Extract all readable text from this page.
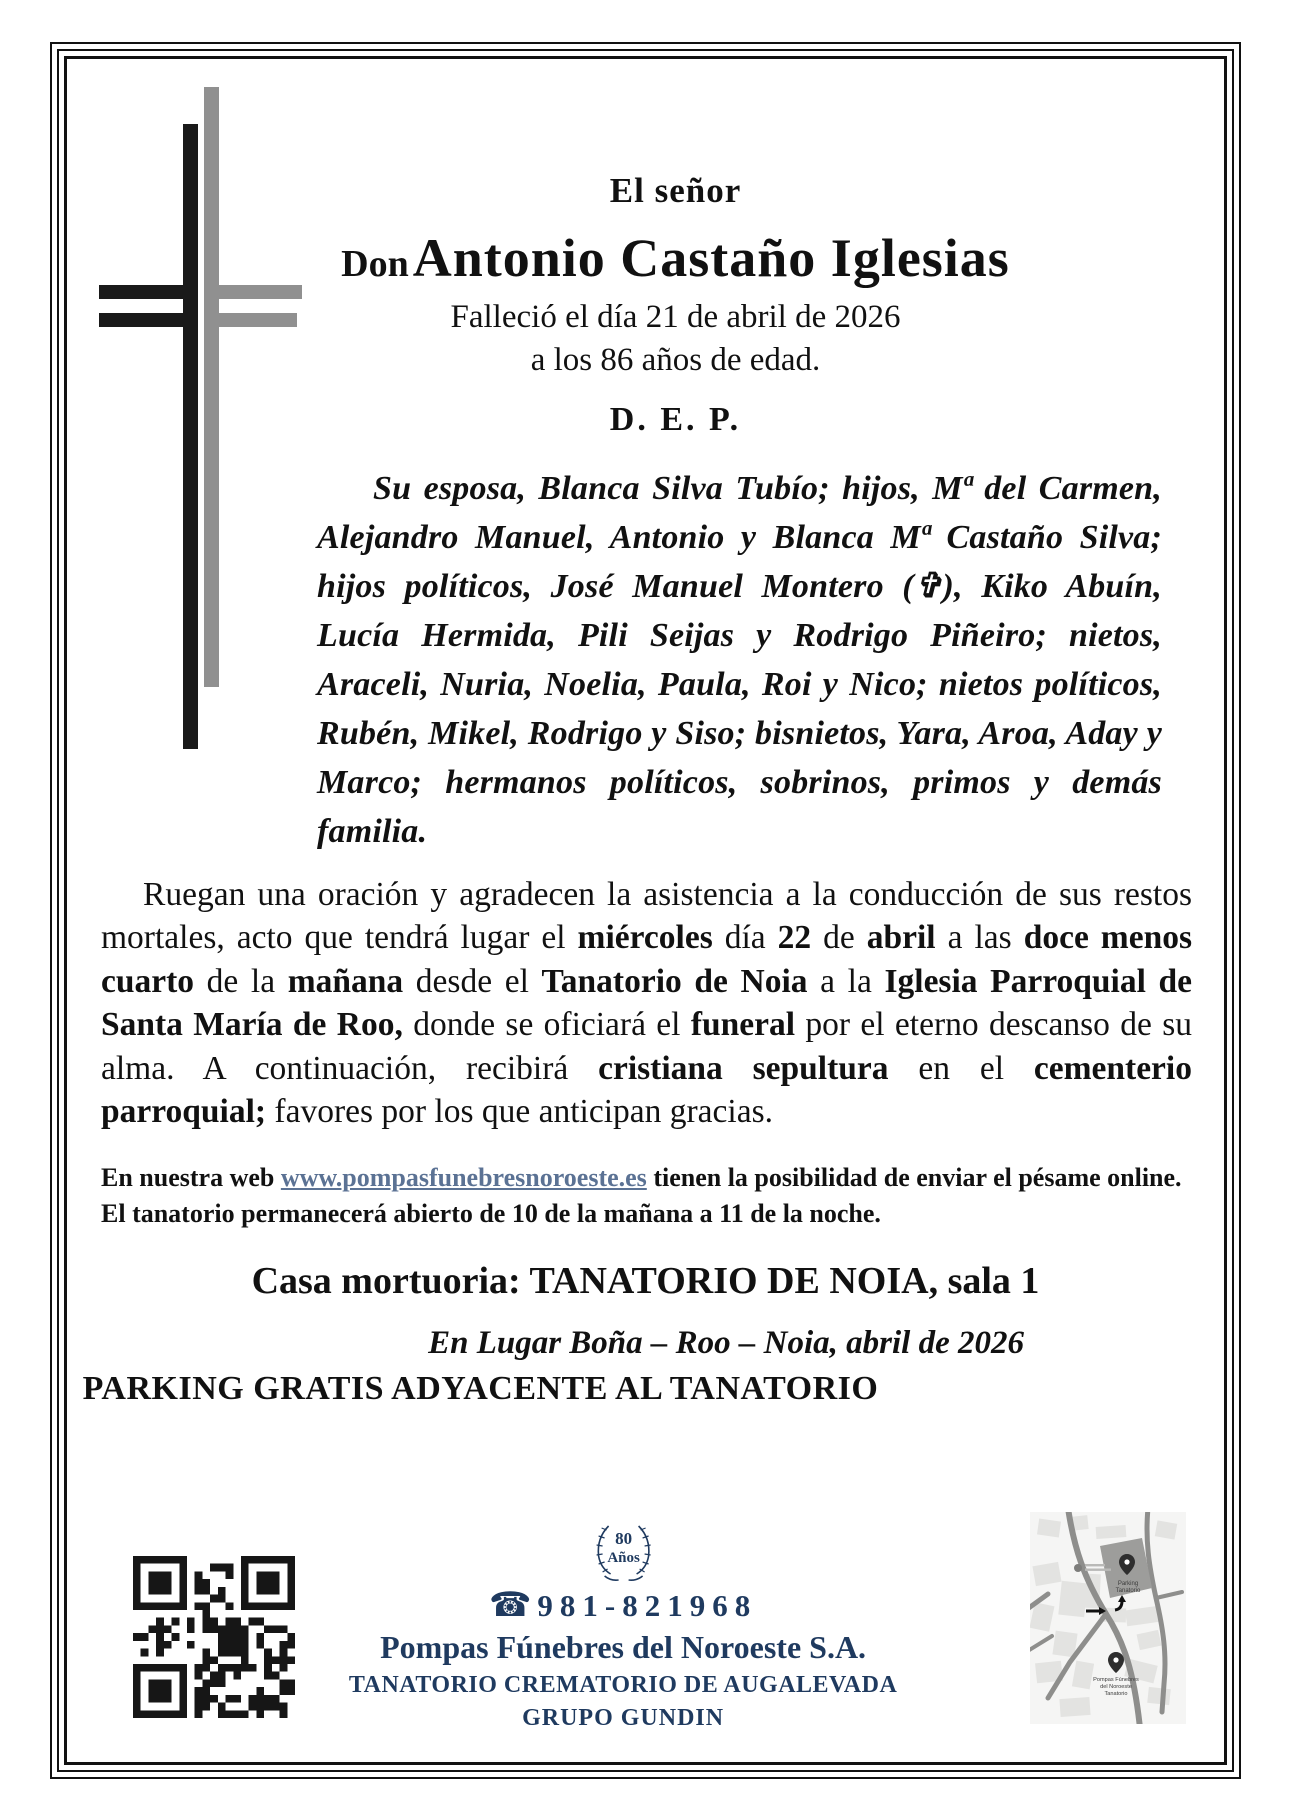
El señor
Don Antonio Castaño Iglesias
Falleció el día 21 de abril de 2026
a los 86 años de edad.
D. E. P.

Su esposa, Blanca Silva Tubío; hijos, Mª del Carmen, Alejandro Manuel, Antonio y Blanca Mª Castaño Silva; hijos políticos, José Manuel Montero (✞), Kiko Abuín, Lucía Hermida, Pili Seijas y Rodrigo Piñeiro; nietos, Araceli, Nuria, Noelia, Paula, Roi y Nico; nietos políticos, Rubén, Mikel, Rodrigo y Siso; bisnietos, Yara, Aroa, Aday y Marco; hermanos políticos, sobrinos, primos y demás familia.

Ruegan una oración y agradecen la asistencia a la conducción de sus restos mortales, acto que tendrá lugar el miércoles día 22 de abril a las doce menos cuarto de la mañana desde el Tanatorio de Noia a la Iglesia Parroquial de Santa María de Roo, donde se oficiará el funeral por el eterno descanso de su alma. A continuación, recibirá cristiana sepultura en el cementerio parroquial; favores por los que anticipan gracias.

En nuestra web www.pompasfunebresnoroeste.es tienen la posibilidad de enviar el pésame online.
El tanatorio permanecerá abierto de 10 de la mañana a 11 de la noche.
Casa mortuoria: TANATORIO DE NOIA, sala 1
En Lugar Boña – Roo – Noia, abril de 2026
PARKING GRATIS ADYACENTE AL TANATORIO
80
Años
☎ 981-821968
Pompas Fúnebres del Noroeste S.A.
TANATORIO CREMATORIO DE AUGALEVADA
GRUPO GUNDIN
Parking
Tanatorio
Pompas Fúnebres
del Noroeste
Tanatorio
